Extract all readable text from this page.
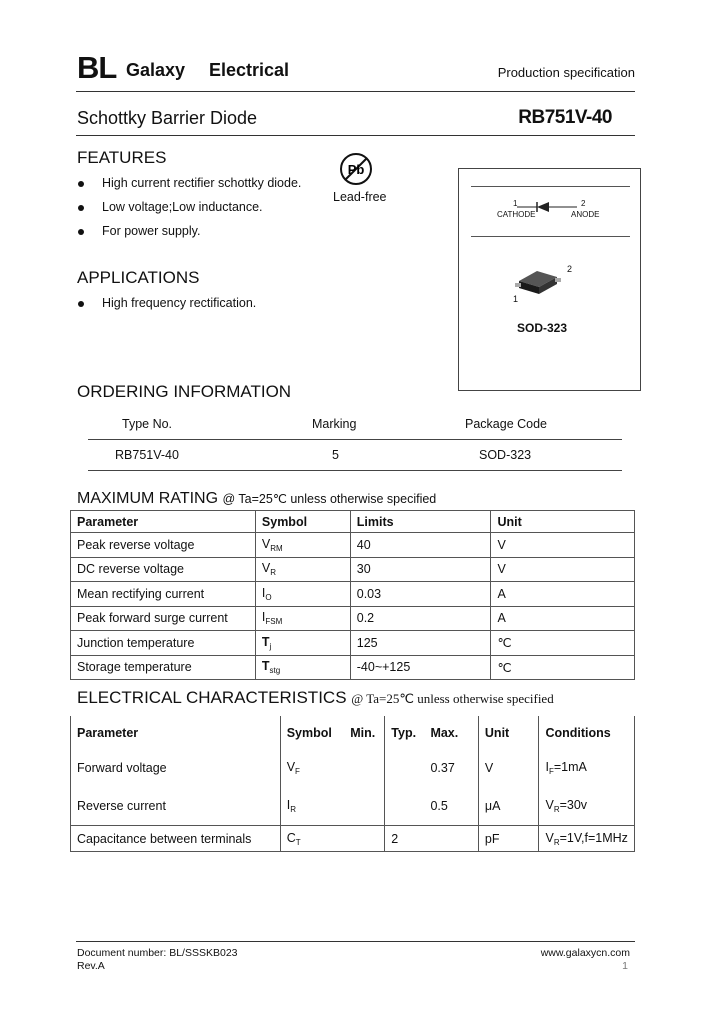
BL Galaxy Electrical	Production specification
Schottky Barrier Diode	RB751V-40
FEATURES
High current rectifier schottky diode.
Low voltage;Low inductance.
For power supply.
Pb
Lead-free	1	2
CATHODE	ANODE
2
1
SOD-323
APPLICATIONS
High frequency rectification.
ORDERING INFORMATION
Type No.	Marking	Package Code
RB751V-40	5	SOD-323
MAXIMUM RATING @ Ta=25℃ unless otherwise specified
Parameter	Symbol	Limits	Unit
Peak reverse voltage	$V_{RM}$	40	V
DC reverse voltage	$V_R$	30	V
Mean rectifying current	$I_O$	0.03	A
Peak forward surge current	$I_{FSM}$	0.2	A
Junction temperature	$T_j$	125	℃
Storage temperature	$T_{stg}$	-40~+125	℃
ELECTRICAL CHARACTERISTICS @ Ta=25℃ unless otherwise specified
Parameter	Symbol	Min.	Typ.	Max.	Unit	Conditions
Forward voltage	$V_F$			0.37	V	$I_F=1mA$
Reverse current	$I_R$			0.5	μA	$V_R=30v$
Capacitance between terminals	$C_T$		2		pF	$V_R=1V,f=1MHz$
Document number: BL/SSSKB023
Rev.A
www.galaxycn.com
1
